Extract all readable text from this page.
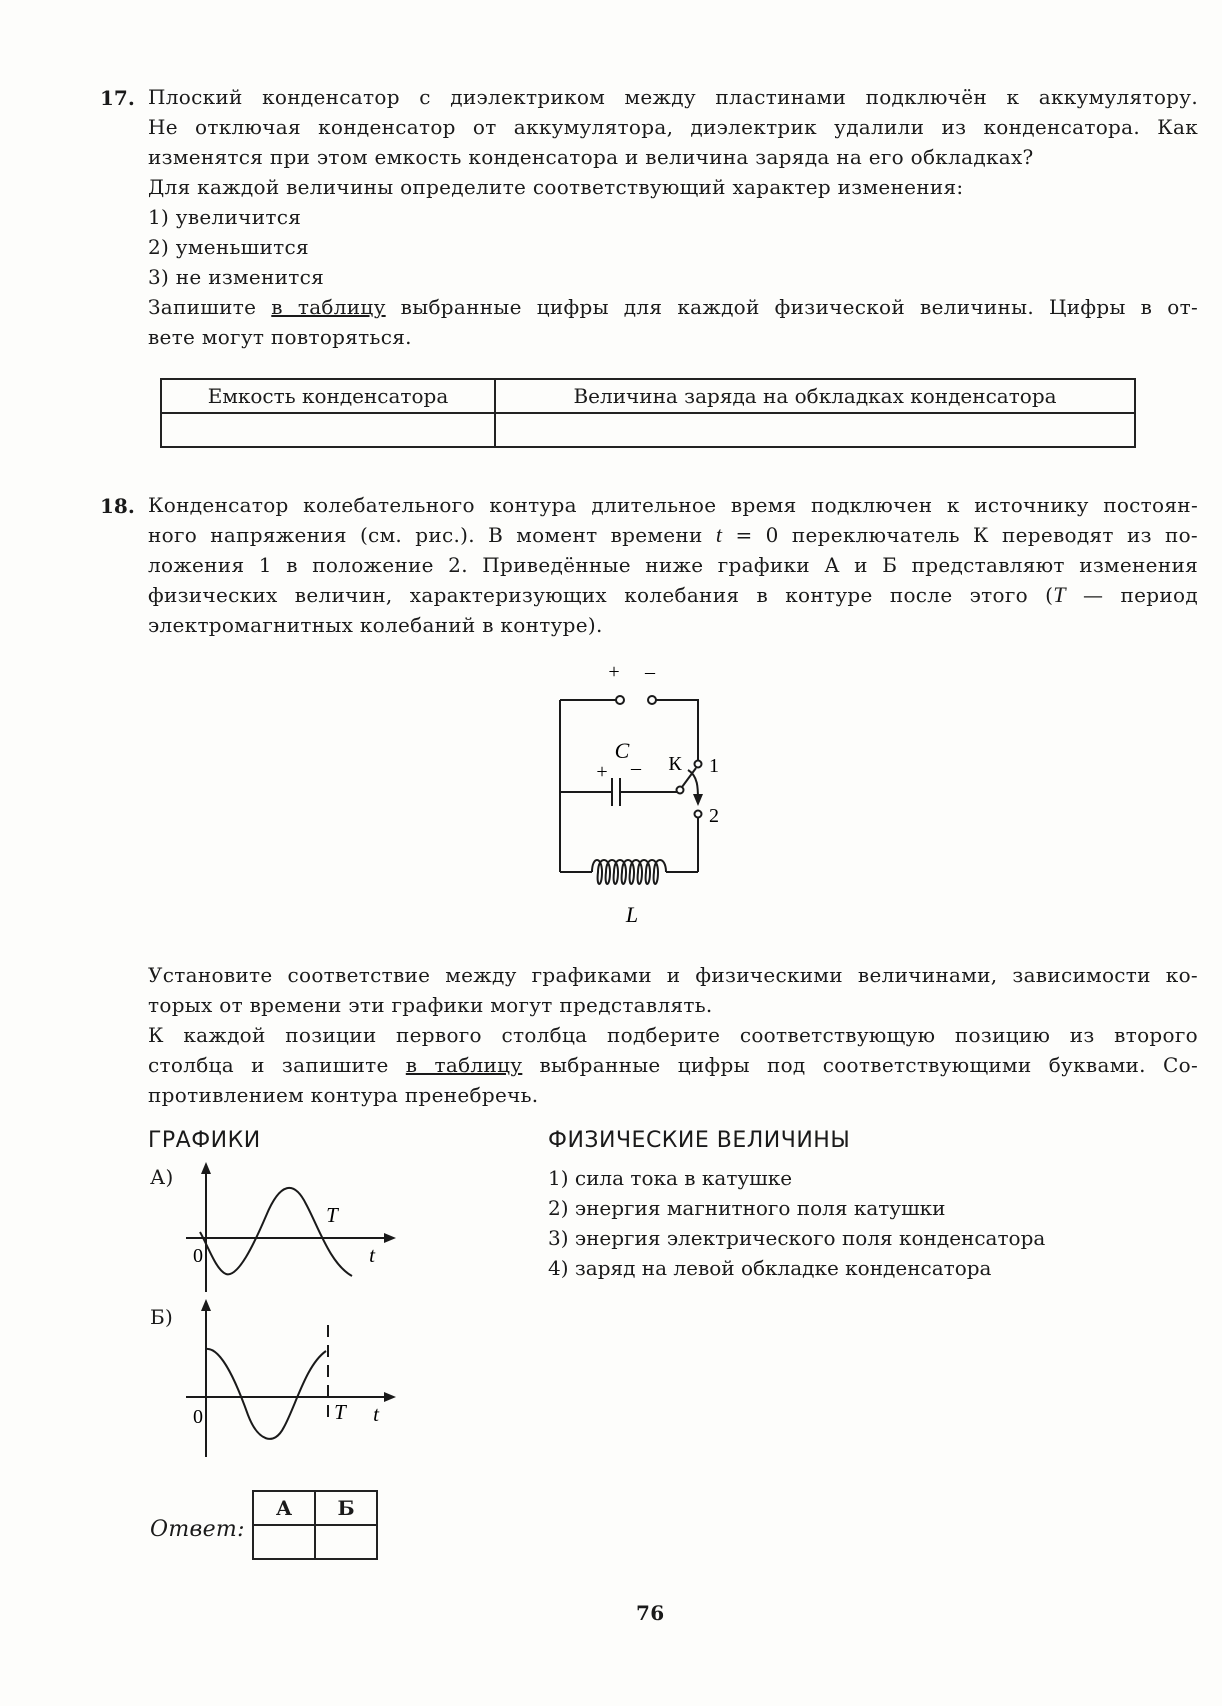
17. Плоский конденсатор с диэлектриком между пластинами подключён к аккумулятору.
Не отключая конденсатор от аккумулятора, диэлектрик удалили из конденсатора. Как
изменятся при этом емкость конденсатора и величина заряда на его обкладках?
Для каждой величины определите соответствующий характер изменения:
1) увеличится
2) уменьшится
3) не изменится
Запишите в таблицу выбранные цифры для каждой физической величины. Цифры в от-
вете могут повторяться.
Емкость конденсатора	Величина заряда на обкладках конденсатора

18. Конденсатор колебательного контура длительное время подключен к источнику постоян-
ного напряжения (см. рис.). В момент времени t = 0 переключатель К переводят из по-
ложения 1 в положение 2. Приведённые ниже графики А и Б представляют изменения
физических величин, характеризующих колебания в контуре после этого (T — период
электромагнитных колебаний в контуре).
+ –
C
+ – К 1
2
L
Установите соответствие между графиками и физическими величинами, зависимости ко-
торых от времени эти графики могут представлять.
К каждой позиции первого столбца подберите соответствующую позицию из второго
столбца и запишите в таблицу выбранные цифры под соответствующими буквами. Со-
противлением контура пренебречь.
ГРАФИКИ	ФИЗИЧЕСКИЕ ВЕЛИЧИНЫ
А)
0
T
t
Б)
0	T t
1) сила тока в катушке
2) энергия магнитного поля катушки
3) энергия электрического поля конденсатора
4) заряд на левой обкладке конденсатора
Ответ:
А	Б

76
